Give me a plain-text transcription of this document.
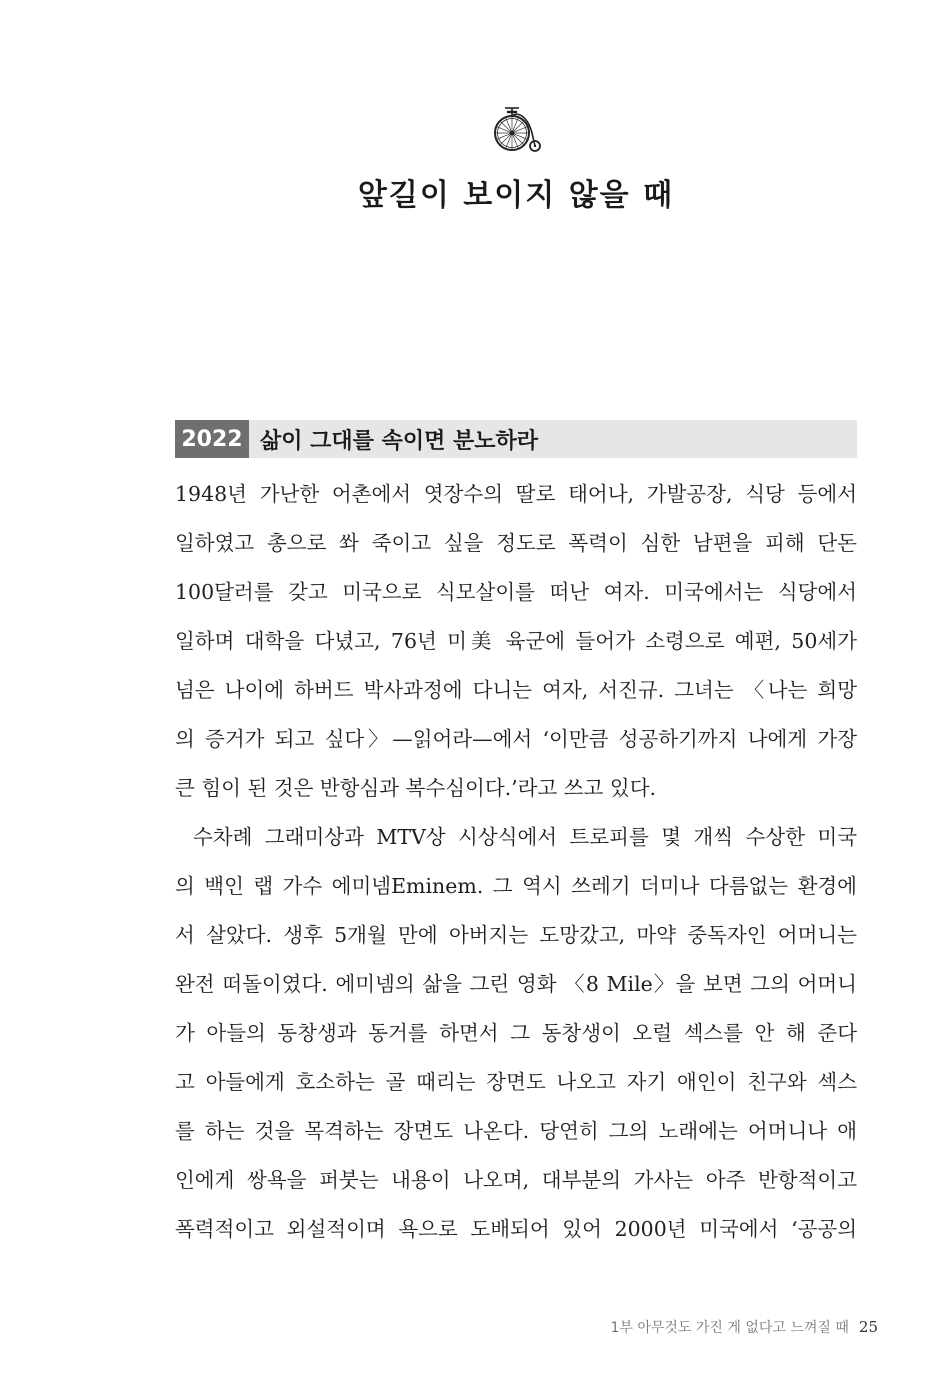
앞길이 보이지 않을 때
2022 삶이 그대를 속이면 분노하라
1948년 가난한 어촌에서 엿장수의 딸로 태어나, 가발공장, 식당 등에서
일하였고 총으로 쏴 죽이고 싶을 정도로 폭력이 심한 남편을 피해 단돈
100달러를 갖고 미국으로 식모살이를 떠난 여자. 미국에서는 식당에서
일하며 대학을 다녔고, 76년 미美 육군에 들어가 소령으로 예편, 50세가
넘은 나이에 하버드 박사과정에 다니는 여자, 서진규. 그녀는 〈나는 희망
의 증거가 되고 싶다〉—읽어라—에서 ‘이만큼 성공하기까지 나에게 가장
큰 힘이 된 것은 반항심과 복수심이다.’라고 쓰고 있다.
수차례 그래미상과 MTV상 시상식에서 트로피를 몇 개씩 수상한 미국
의 백인 랩 가수 에미넴Eminem. 그 역시 쓰레기 더미나 다름없는 환경에
서 살았다. 생후 5개월 만에 아버지는 도망갔고, 마약 중독자인 어머니는
완전 떠돌이였다. 에미넴의 삶을 그린 영화 〈8 Mile〉을 보면 그의 어머니
가 아들의 동창생과 동거를 하면서 그 동창생이 오럴 섹스를 안 해 준다
고 아들에게 호소하는 골 때리는 장면도 나오고 자기 애인이 친구와 섹스
를 하는 것을 목격하는 장면도 나온다. 당연히 그의 노래에는 어머니나 애
인에게 쌍욕을 퍼붓는 내용이 나오며, 대부분의 가사는 아주 반항적이고
폭력적이고 외설적이며 욕으로 도배되어 있어 2000년 미국에서 ‘공공의
1부 아무것도 가진 게 없다고 느껴질 때 25
